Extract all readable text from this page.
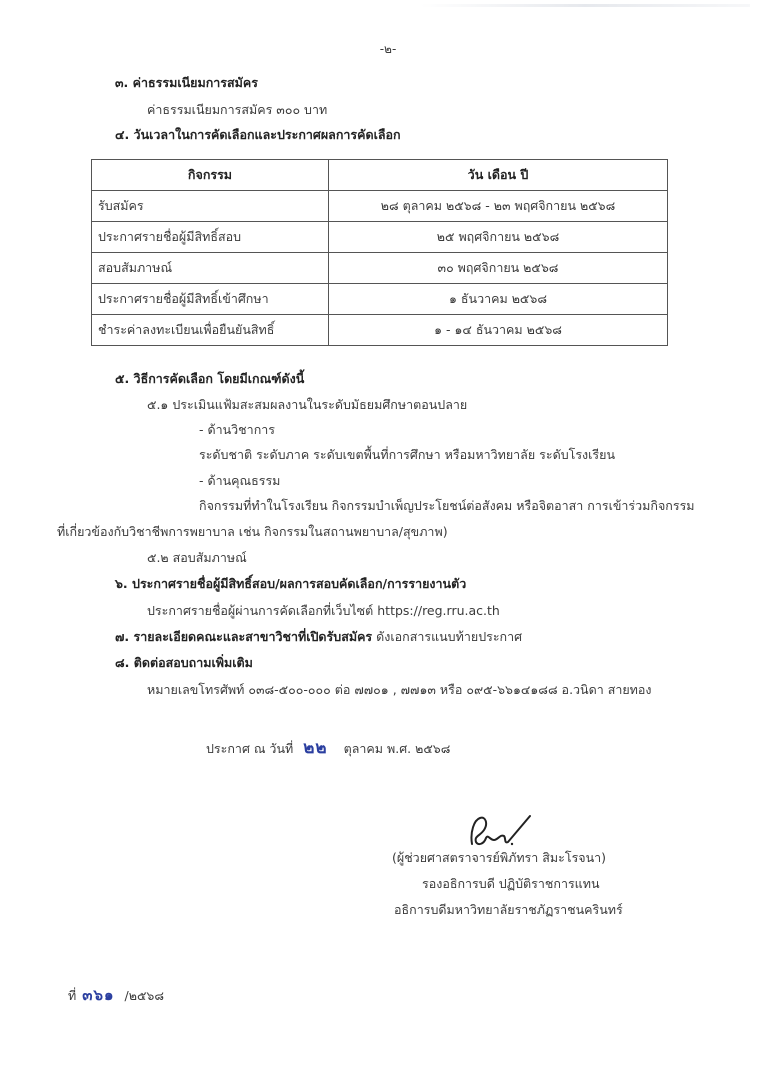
-๒-
๓. ค่าธรรมเนียมการสมัคร
ค่าธรรมเนียมการสมัคร ๓๐๐ บาท
๔. วันเวลาในการคัดเลือกและประกาศผลการคัดเลือก
กิจกรรม	วัน เดือน ปี
รับสมัคร	๒๘ ตุลาคม ๒๕๖๘ - ๒๓ พฤศจิกายน ๒๕๖๘
ประกาศรายชื่อผู้มีสิทธิ์สอบ	๒๕ พฤศจิกายน ๒๕๖๘
สอบสัมภาษณ์	๓๐ พฤศจิกายน ๒๕๖๘
ประกาศรายชื่อผู้มีสิทธิ์เข้าศึกษา	๑ ธันวาคม ๒๕๖๘
ชำระค่าลงทะเบียนเพื่อยืนยันสิทธิ์	๑ - ๑๔ ธันวาคม ๒๕๖๘
๕. วิธีการคัดเลือก โดยมีเกณฑ์ดังนี้
๕.๑ ประเมินแฟ้มสะสมผลงานในระดับมัธยมศึกษาตอนปลาย
- ด้านวิชาการ
ระดับชาติ ระดับภาค ระดับเขตพื้นที่การศึกษา หรือมหาวิทยาลัย ระดับโรงเรียน
- ด้านคุณธรรม
กิจกรรมที่ทำในโรงเรียน กิจกรรมบำเพ็ญประโยชน์ต่อสังคม หรือจิตอาสา การเข้าร่วมกิจกรรม
ที่เกี่ยวข้องกับวิชาชีพการพยาบาล เช่น กิจกรรมในสถานพยาบาล/สุขภาพ)
๕.๒ สอบสัมภาษณ์
๖. ประกาศรายชื่อผู้มีสิทธิ์สอบ/ผลการสอบคัดเลือก/การรายงานตัว
ประกาศรายชื่อผู้ผ่านการคัดเลือกที่เว็บไซต์ https://reg.rru.ac.th
๗. รายละเอียดคณะและสาขาวิชาที่เปิดรับสมัคร ดังเอกสารแนบท้ายประกาศ
๘. ติดต่อสอบถามเพิ่มเติม
หมายเลขโทรศัพท์ ๐๓๘-๕๐๐-๐๐๐ ต่อ ๗๗๐๑ , ๗๗๑๓ หรือ ๐๙๕-๖๖๑๔๑๘๘ อ.วนิดา สายทอง
ประกาศ ณ วันที่ ๒๒ ตุลาคม พ.ศ. ๒๕๖๘
(ผู้ช่วยศาสตราจารย์พิภัทรา สิมะโรจนา)
รองอธิการบดี ปฏิบัติราชการแทน
อธิการบดีมหาวิทยาลัยราชภัฏราชนครินทร์
ที่ ๓๖๑ /๒๕๖๘
